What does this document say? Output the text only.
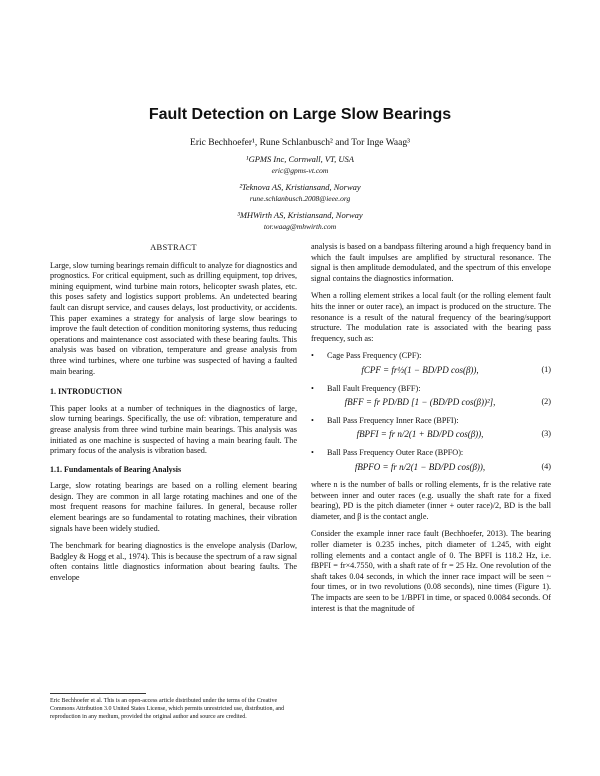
Fault Detection on Large Slow Bearings
Eric Bechhoefer¹, Rune Schlanbusch² and Tor Inge Waag³
¹GPMS Inc, Cornwall, VT, USA
eric@gpms-vt.com
²Teknova AS, Kristiansand, Norway
rune.schlanbusch.2008@ieee.org
³MHWirth AS, Kristiansand, Norway
tor.waag@mhwirth.com
ABSTRACT

Large, slow turning bearings remain difficult to analyze for diagnostics and prognostics. For critical equipment, such as drilling equipment, top drives, mining equipment, wind turbine main rotors, helicopter swash plates, etc. this poses safety and logistics support problems. An undetected bearing fault can disrupt service, and causes delays, lost productivity, or accidents. This paper examines a strategy for analysis of large slow bearings to improve the fault detection of condition monitoring systems, thus reducing operations and maintenance cost associated with these bearing faults. This analysis was based on vibration, temperature and grease analysis from three wind turbines, where one turbine was suspected of having a faulted main bearing.

1. INTRODUCTION

This paper looks at a number of techniques in the diagnostics of large, slow turning bearings. Specifically, the use of: vibration, temperature and grease analysis from three wind turbine main bearings. This analysis was initiated as one machine is suspected of having a main bearing fault. The primary focus of the analysis is vibration based.

1.1. Fundamentals of Bearing Analysis

Large, slow rotating bearings are based on a rolling element bearing design. They are common in all large rotating machines and one of the most frequent reasons for machine failures. In general, because roller element bearings are so fundamental to rotating machines, their vibration signals have been widely studied.

The benchmark for bearing diagnostics is the envelope analysis (Darlow, Badgley & Hogg et al., 1974). This is because the spectrum of a raw signal often contains little diagnostics information about bearing faults. The envelope

Eric Bechhoefer et al. This is an open-access article distributed under the terms of the Creative Commons Attribution 3.0 United States License, which permits unrestricted use, distribution, and reproduction in any medium, provided the original author and source are credited.

analysis is based on a bandpass filtering around a high frequency band in which the fault impulses are amplified by structural resonance. The signal is then amplitude demodulated, and the spectrum of this envelope signal contains the diagnostics information.

When a rolling element strikes a local fault (or the rolling element fault hits the inner or outer race), an impact is produced on the structure. The resonance is a result of the natural frequency of the bearing/support structure. The modulation rate is associated with the bearing pass frequency, such as:

•	Cage Pass Frequency (CPF):
fCPF = fr½(1 − BD/PD cos(β)),	(1)
•	Ball Fault Frequency (BFF):
fBFF = fr PD/BD [1 − (BD/PD cos(β))²],	(2)
•	Ball Pass Frequency Inner Race (BPFI):
fBPFI = fr n/2(1 + BD/PD cos(β)),	(3)
•	Ball Pass Frequency Outer Race (BPFO):
fBPFO = fr n/2(1 − BD/PD cos(β)),	(4)

where n is the number of balls or rolling elements, fr is the relative rate between inner and outer races (e.g. usually the shaft rate for a fixed bearing), PD is the pitch diameter (inner + outer race)/2, BD is the ball diameter, and β is the contact angle.

Consider the example inner race fault (Bechhoefer, 2013). The bearing roller diameter is 0.235 inches, pitch diameter of 1.245, with eight rolling elements and a contact angle of 0. The BPFI is 118.2 Hz, i.e. fBPFI = fr×4.7550, with a shaft rate of fr = 25 Hz. One revolution of the shaft takes 0.04 seconds, in which the inner race impact will be seen ~ four times, or in two revolutions (0.08 seconds), nine times (Figure 1). The impacts are seen to be 1/BPFI in time, or spaced 0.0084 seconds. Of interest is that the magnitude of
